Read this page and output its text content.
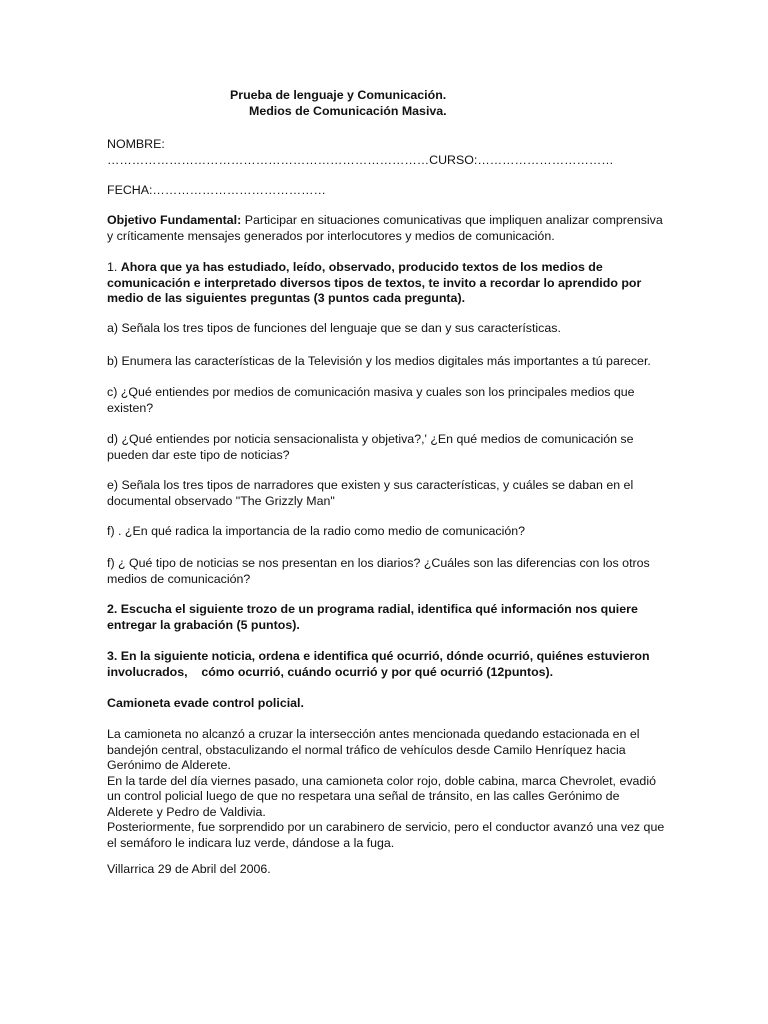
Prueba de lenguaje y Comunicación.
Medios de Comunicación Masiva.
NOMBRE:
……………………………………………………………………CURSO:……………………………
FECHA:……………………………………

Objetivo Fundamental: Participar en situaciones comunicativas que impliquen analizar comprensiva y críticamente mensajes generados por interlocutores y medios de comunicación.

1. Ahora que ya has estudiado, leído, observado, producido textos de los medios de comunicación e interpretado diversos tipos de textos, te invito a recordar lo aprendido por medio de las siguientes preguntas (3 puntos cada pregunta).

a) Señala los tres tipos de funciones del lenguaje que se dan y sus características.

b) Enumera las características de la Televisión y los medios digitales más importantes a tú parecer.

c) ¿Qué entiendes por medios de comunicación masiva y cuales son los principales medios que existen?

d) ¿Qué entiendes por noticia sensacionalista y objetiva?,' ¿En qué medios de comunicación se pueden dar este tipo de noticias?

e) Señala los tres tipos de narradores que existen y sus características, y cuáles se daban en el documental observado "The Grizzly Man"

f) . ¿En qué radica la importancia de la radio como medio de comunicación?

f) ¿ Qué tipo de noticias se nos presentan en los diarios? ¿Cuáles son las diferencias con los otros medios de comunicación?

2. Escucha el siguiente trozo de un programa radial, identifica qué información nos quiere entregar la grabación (5 puntos).

3. En la siguiente noticia, ordena e identifica qué ocurrió, dónde ocurrió, quiénes estuvieron involucrados,    cómo ocurrió, cuándo ocurrió y por qué ocurrió (12puntos).

Camioneta evade control policial.

La camioneta no alcanzó a cruzar la intersección antes mencionada quedando estacionada en el bandejón central, obstaculizando el normal tráfico de vehículos desde Camilo Henríquez hacia Gerónimo de Alderete.

En la tarde del día viernes pasado, una camioneta color rojo, doble cabina, marca Chevrolet, evadió un control policial luego de que no respetara una señal de tránsito, en las calles Gerónimo de Alderete y Pedro de Valdivia.

Posteriormente, fue sorprendido por un carabinero de servicio, pero el conductor avanzó una vez que el semáforo le indicara luz verde, dándose a la fuga.

Villarrica 29 de Abril del 2006.
